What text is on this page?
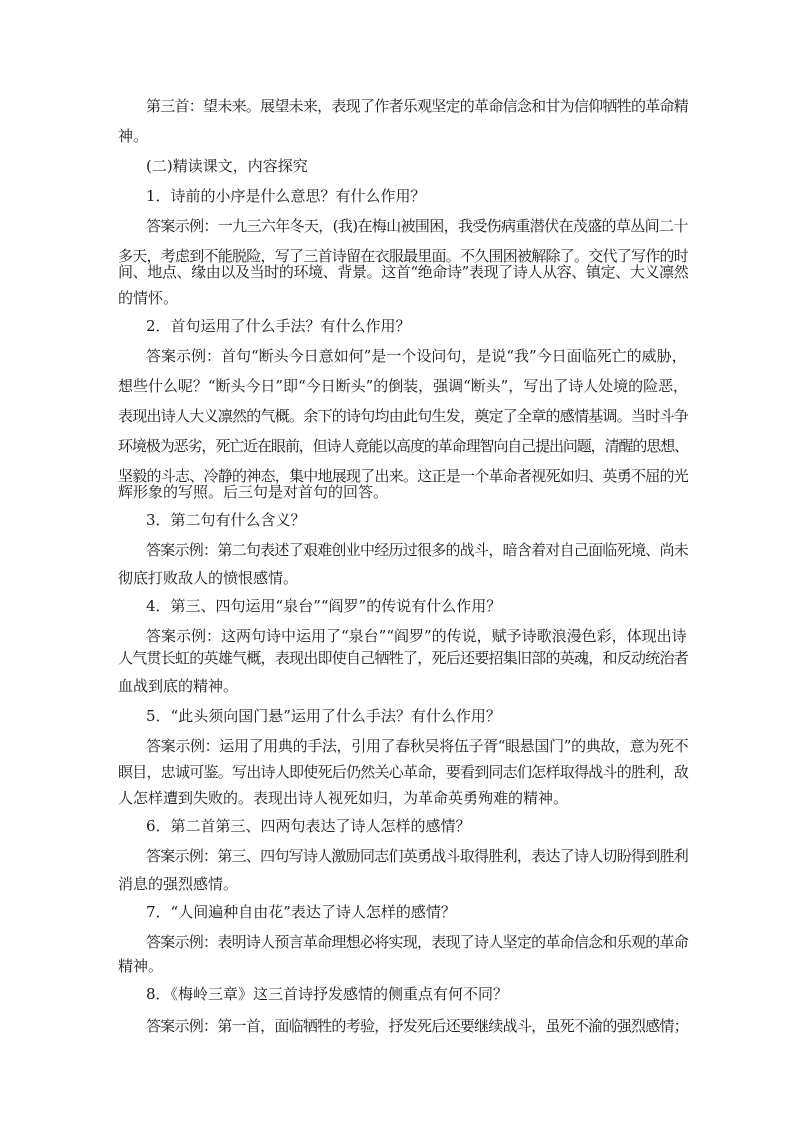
第三首：望未来。展望未来，表现了作者乐观坚定的革命信念和甘为信仰牺牲的革命精
神。
(二)精读课文，内容探究
1．诗前的小序是什么意思？有什么作用？
答案示例：一九三六年冬天，(我)在梅山被围困，我受伤病重潜伏在茂盛的草丛间二十
多天，考虑到不能脱险，写了三首诗留在衣服最里面。不久围困被解除了。交代了写作的时
间、地点、缘由以及当时的环境、背景。这首“绝命诗”表现了诗人从容、镇定、大义凛然
的情怀。
2．首句运用了什么手法？有什么作用？
答案示例：首句“断头今日意如何”是一个设问句，是说“我”今日面临死亡的威胁，
想些什么呢？“断头今日”即“今日断头”的倒装，强调“断头”，写出了诗人处境的险恶，
表现出诗人大义凛然的气概。余下的诗句均由此句生发，奠定了全章的感情基调。当时斗争
环境极为恶劣，死亡近在眼前，但诗人竟能以高度的革命理智向自己提出问题，清醒的思想、
坚毅的斗志、冷静的神态，集中地展现了出来。这正是一个革命者视死如归、英勇不屈的光
辉形象的写照。后三句是对首句的回答。
3．第二句有什么含义？
答案示例：第二句表述了艰难创业中经历过很多的战斗，暗含着对自己面临死境、尚未
彻底打败敌人的愤恨感情。
4．第三、四句运用“泉台”“阎罗”的传说有什么作用？
答案示例：这两句诗中运用了“泉台”“阎罗”的传说，赋予诗歌浪漫色彩，体现出诗
人气贯长虹的英雄气概，表现出即使自己牺牲了，死后还要招集旧部的英魂，和反动统治者
血战到底的精神。
5．“此头须向国门悬”运用了什么手法？有什么作用？
答案示例：运用了用典的手法，引用了春秋吴将伍子胥“眼悬国门”的典故，意为死不
瞑目，忠诚可鉴。写出诗人即使死后仍然关心革命，要看到同志们怎样取得战斗的胜利，敌
人怎样遭到失败的。表现出诗人视死如归，为革命英勇殉难的精神。
6．第二首第三、四两句表达了诗人怎样的感情？
答案示例：第三、四句写诗人激励同志们英勇战斗取得胜利，表达了诗人切盼得到胜利
消息的强烈感情。
7．“人间遍种自由花”表达了诗人怎样的感情？
答案示例：表明诗人预言革命理想必将实现，表现了诗人坚定的革命信念和乐观的革命
精神。
8．《梅岭三章》这三首诗抒发感情的侧重点有何不同？
答案示例：第一首，面临牺牲的考验，抒发死后还要继续战斗，虽死不渝的强烈感情；
